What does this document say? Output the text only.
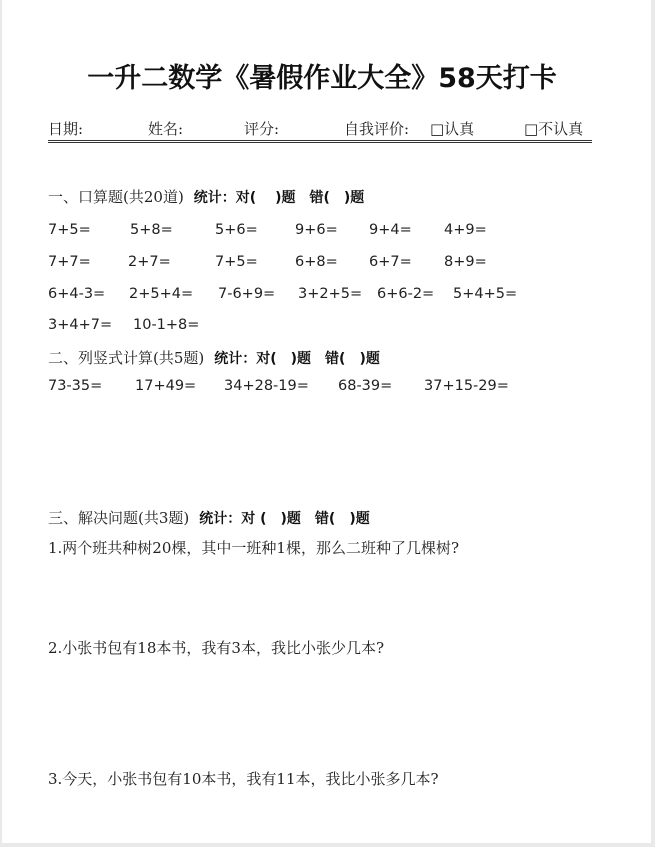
一升二数学《暑假作业大全》58天打卡
日期:	姓名:	评分:	自我评价: □认真	□不认真
一、口算题(共20道) 统计：对(　 )题　错(　)题
7+5=	5+8=	5+6=	9+6= 9+4= 4+9=
7+7=	2+7=	7+5=	6+8= 6+7= 8+9=
6+4-3= 2+5+4= 7-6+9= 3+2+5= 6+6-2= 5+4+5=
3+4+7= 10-1+8=
二、列竖式计算(共5题) 统计：对(　)题　错(　)题
73-35= 17+49= 34+28-19= 68-39= 37+15-29=
三、解决问题(共3题) 统计：对 (　)题　错(　)题
1.两个班共种树20棵，其中一班种1棵，那么二班种了几棵树?
2.小张书包有18本书，我有3本，我比小张少几本?
3.今天，小张书包有10本书，我有11本，我比小张多几本?
